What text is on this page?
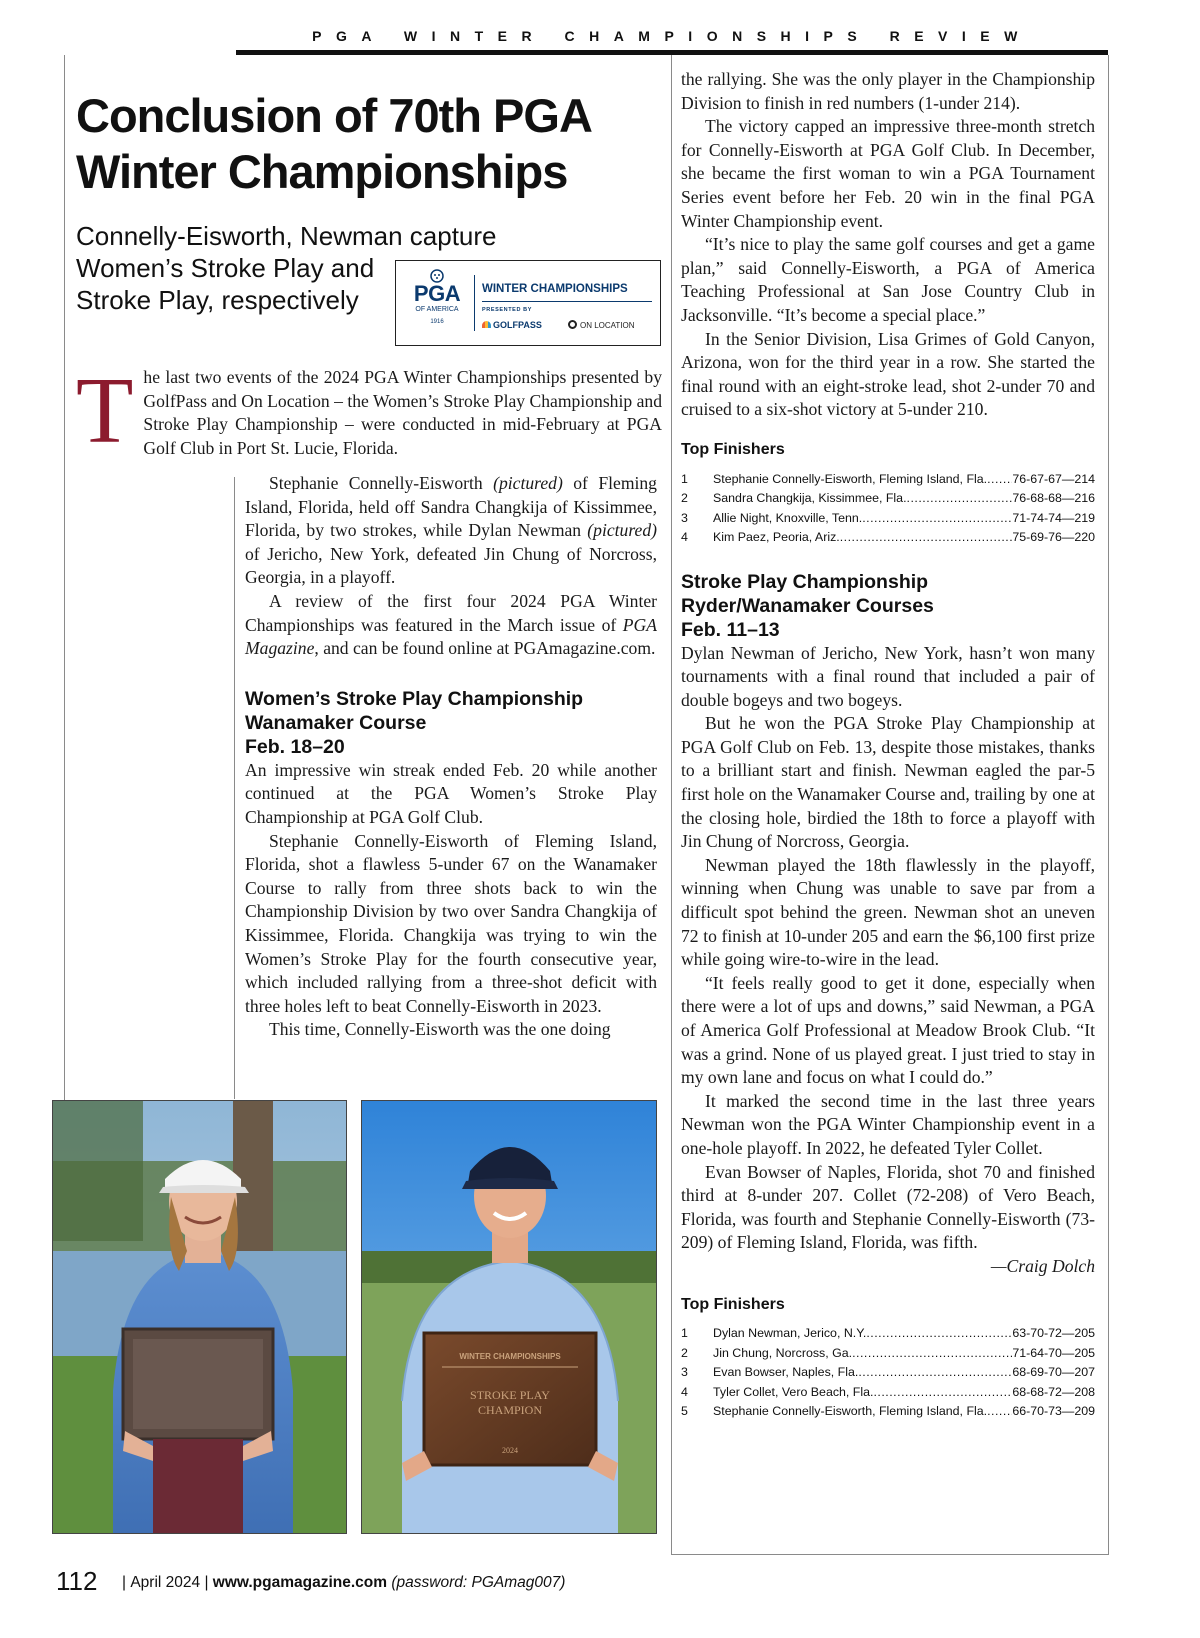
PGA WINTER CHAMPIONSHIPS REVIEW
Conclusion of 70th PGA Winter Championships
Connelly-Eisworth, Newman capture
Women’s Stroke Play and Stroke Play, respectively	PGA
OF AMERICA
1916
WINTER CHAMPIONSHIPS
PRESENTED BY
GOLFPASS	ON LOCATION
T he last two events of the 2024 PGA Winter Championships presented by GolfPass and On Location – the Women’s Stroke Play Championship and Stroke Play Championship – were conducted in mid-February at PGA Golf Club in Port St. Lucie, Florida.

Stephanie Connelly-Eisworth (pictured) of Fleming Island, Florida, held off Sandra Changkija of Kissimmee, Florida, by two strokes, while Dylan Newman (pictured) of Jericho, New York, defeated Jin Chung of Norcross, Georgia, in a playoff.

A review of the first four 2024 PGA Winter Championships was featured in the March issue of PGA Magazine, and can be found online at PGAmagazine.com.

Women’s Stroke Play Championship
Wanamaker Course
Feb. 18–20

An impressive win streak ended Feb. 20 while another continued at the PGA Women’s Stroke Play Championship at PGA Golf Club.

Stephanie Connelly-Eisworth of Fleming Island, Florida, shot a flawless 5-under 67 on the Wanamaker Course to rally from three shots back to win the Championship Division by two over Sandra Changkija of Kissimmee, Florida. Changkija was trying to win the Women’s Stroke Play for the fourth consecutive year, which included rallying from a three-shot deficit with three holes left to beat Connelly-Eisworth in 2023.

This time, Connelly-Eisworth was the one doing

the rallying. She was the only player in the Championship Division to finish in red numbers (1-under 214).

The victory capped an impressive three-month stretch for Connelly-Eisworth at PGA Golf Club. In December, she became the first woman to win a PGA Tournament Series event before her Feb. 20 win in the final PGA Winter Championship event.

“It’s nice to play the same golf courses and get a game plan,” said Connelly-Eisworth, a PGA of America Teaching Professional at San Jose Country Club in Jacksonville. “It’s become a special place.”

In the Senior Division, Lisa Grimes of Gold Canyon, Arizona, won for the third year in a row. She started the final round with an eight-stroke lead, shot 2-under 70 and cruised to a six-shot victory at 5-under 210.

Top Finishers
1	Stephanie Connelly-Eisworth, Fleming Island, Fla. ..... 76-67-67—214
2	Sandra Changkija, Kissimmee, Fla. .....	76-68-68—216
3	Allie Night, Knoxville, Tenn. .....	71-74-74—219
4	Kim Paez, Peoria, Ariz. .....	75-69-76—220
Stroke Play Championship
Ryder/Wanamaker Courses
Feb. 11–13

Dylan Newman of Jericho, New York, hasn’t won many tournaments with a final round that included a pair of double bogeys and two bogeys.

But he won the PGA Stroke Play Championship at PGA Golf Club on Feb. 13, despite those mistakes, thanks to a brilliant start and finish. Newman eagled the par-5 first hole on the Wanamaker Course and, trailing by one at the closing hole, birdied the 18th to force a playoff with Jin Chung of Norcross, Georgia.

Newman played the 18th flawlessly in the playoff, winning when Chung was unable to save par from a difficult spot behind the green. Newman shot an uneven 72 to finish at 10-under 205 and earn the $6,100 first prize while going wire-to-wire in the lead.

“It feels really good to get it done, especially when there were a lot of ups and downs,” said Newman, a PGA of America Golf Professional at Meadow Brook Club. “It was a grind. None of us played great. I just tried to stay in my own lane and focus on what I could do.”

It marked the second time in the last three years Newman won the PGA Winter Championship event in a one-hole playoff. In 2022, he defeated Tyler Collet.

Evan Bowser of Naples, Florida, shot 70 and finished third at 8-under 207. Collet (72-208) of Vero Beach, Florida, was fourth and Stephanie Connelly-Eisworth (73-209) of Fleming Island, Florida, was fifth.
—Craig Dolch

Top Finishers
1	Dylan Newman, Jerico, N.Y. .....	63-70-72—205
2	Jin Chung, Norcross, Ga. .....	71-64-70—205
3	Evan Bowser, Naples, Fla. .....	68-69-70—207
4	Tyler Collet, Vero Beach, Fla. .....	68-68-72—208
5	Stephanie Connelly-Eisworth, Fleming Island, Fla. ..... 66-70-73—209
WINTER CHAMPIONSHIPS
STROKE PLAY
CHAMPION
2024
112 | April 2024 | www.pgamagazine.com (password: PGAmag007)
